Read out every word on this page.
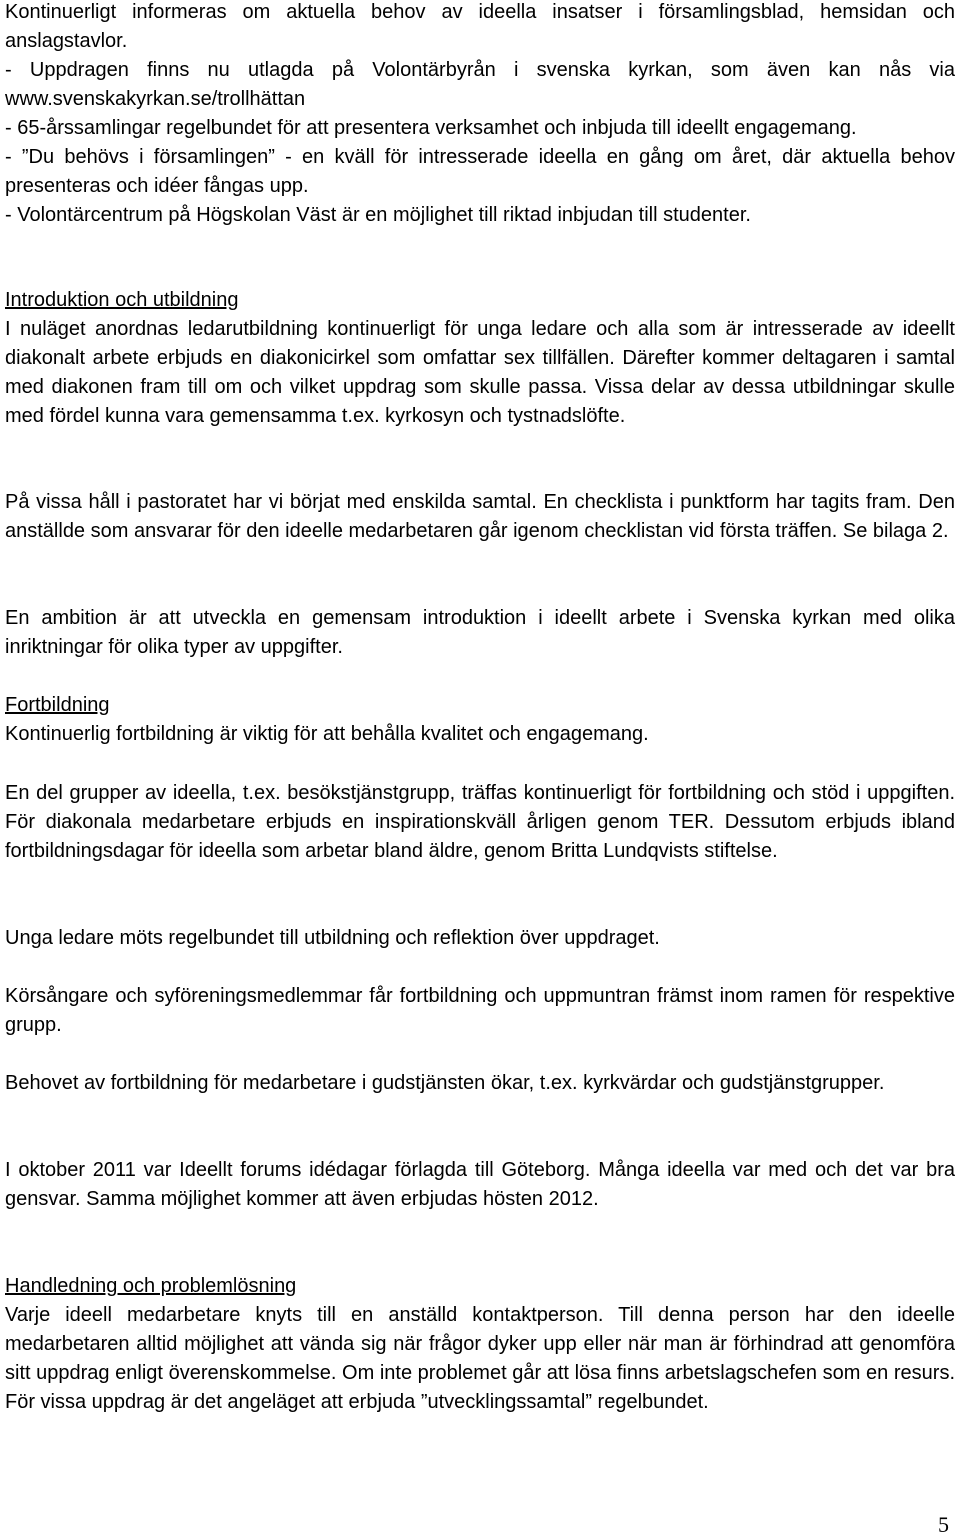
Kontinuerligt informeras om aktuella behov av ideella insatser i församlingsblad, hemsidan och anslagstavlor.

- Uppdragen finns nu utlagda på Volontärbyrån i svenska kyrkan, som även kan nås via www.svenskakyrkan.se/trollhättan

- 65-årssamlingar regelbundet för att presentera verksamhet och inbjuda till ideellt engagemang.

- ”Du behövs i församlingen” - en kväll för intresserade ideella en gång om året, där aktuella behov presenteras och idéer fångas upp.

- Volontärcentrum på Högskolan Väst är en möjlighet till riktad inbjudan till studenter.

Introduktion och utbildning

I nuläget anordnas ledarutbildning kontinuerligt för unga ledare och alla som är intresserade av ideellt diakonalt arbete erbjuds en diakonicirkel som omfattar sex tillfällen. Därefter kommer deltagaren i samtal med diakonen fram till om och vilket uppdrag som skulle passa. Vissa delar av dessa utbildningar skulle med fördel kunna vara gemensamma t.ex. kyrkosyn och tystnadslöfte.

På vissa håll i pastoratet har vi börjat med enskilda samtal. En checklista i punktform har tagits fram. Den anställde som ansvarar för den ideelle medarbetaren går igenom checklistan vid första träffen. Se bilaga 2.
En ambition är att utveckla en gemensam introduktion i ideellt arbete i Svenska kyrkan med olika inriktningar för olika typer av uppgifter.

Fortbildning

Kontinuerlig fortbildning är viktig för att behålla kvalitet och engagemang.

En del grupper av ideella, t.ex. besökstjänstgrupp, träffas kontinuerligt för fortbildning och stöd i uppgiften. För diakonala medarbetare erbjuds en inspirationskväll årligen genom TER. Dessutom erbjuds ibland fortbildningsdagar för ideella som arbetar bland äldre, genom Britta Lundqvists stiftelse.
Unga ledare möts regelbundet till utbildning och reflektion över uppdraget.
Körsångare och syföreningsmedlemmar får fortbildning och uppmuntran främst inom ramen för respektive grupp.
Behovet av fortbildning för medarbetare i gudstjänsten ökar, t.ex. kyrkvärdar och gudstjänstgrupper.
I oktober 2011 var Ideellt forums idédagar förlagda till Göteborg. Många ideella var med och det var bra gensvar. Samma möjlighet kommer att även erbjudas hösten 2012.

Handledning och problemlösning

Varje ideell medarbetare knyts till en anställd kontaktperson. Till denna person har den ideelle medarbetaren alltid möjlighet att vända sig när frågor dyker upp eller när man är förhindrad att genomföra sitt uppdrag enligt överenskommelse. Om inte problemet går att lösa finns arbetslagschefen som en resurs. För vissa uppdrag är det angeläget att erbjuda ”utvecklingssamtal” regelbundet.

5
